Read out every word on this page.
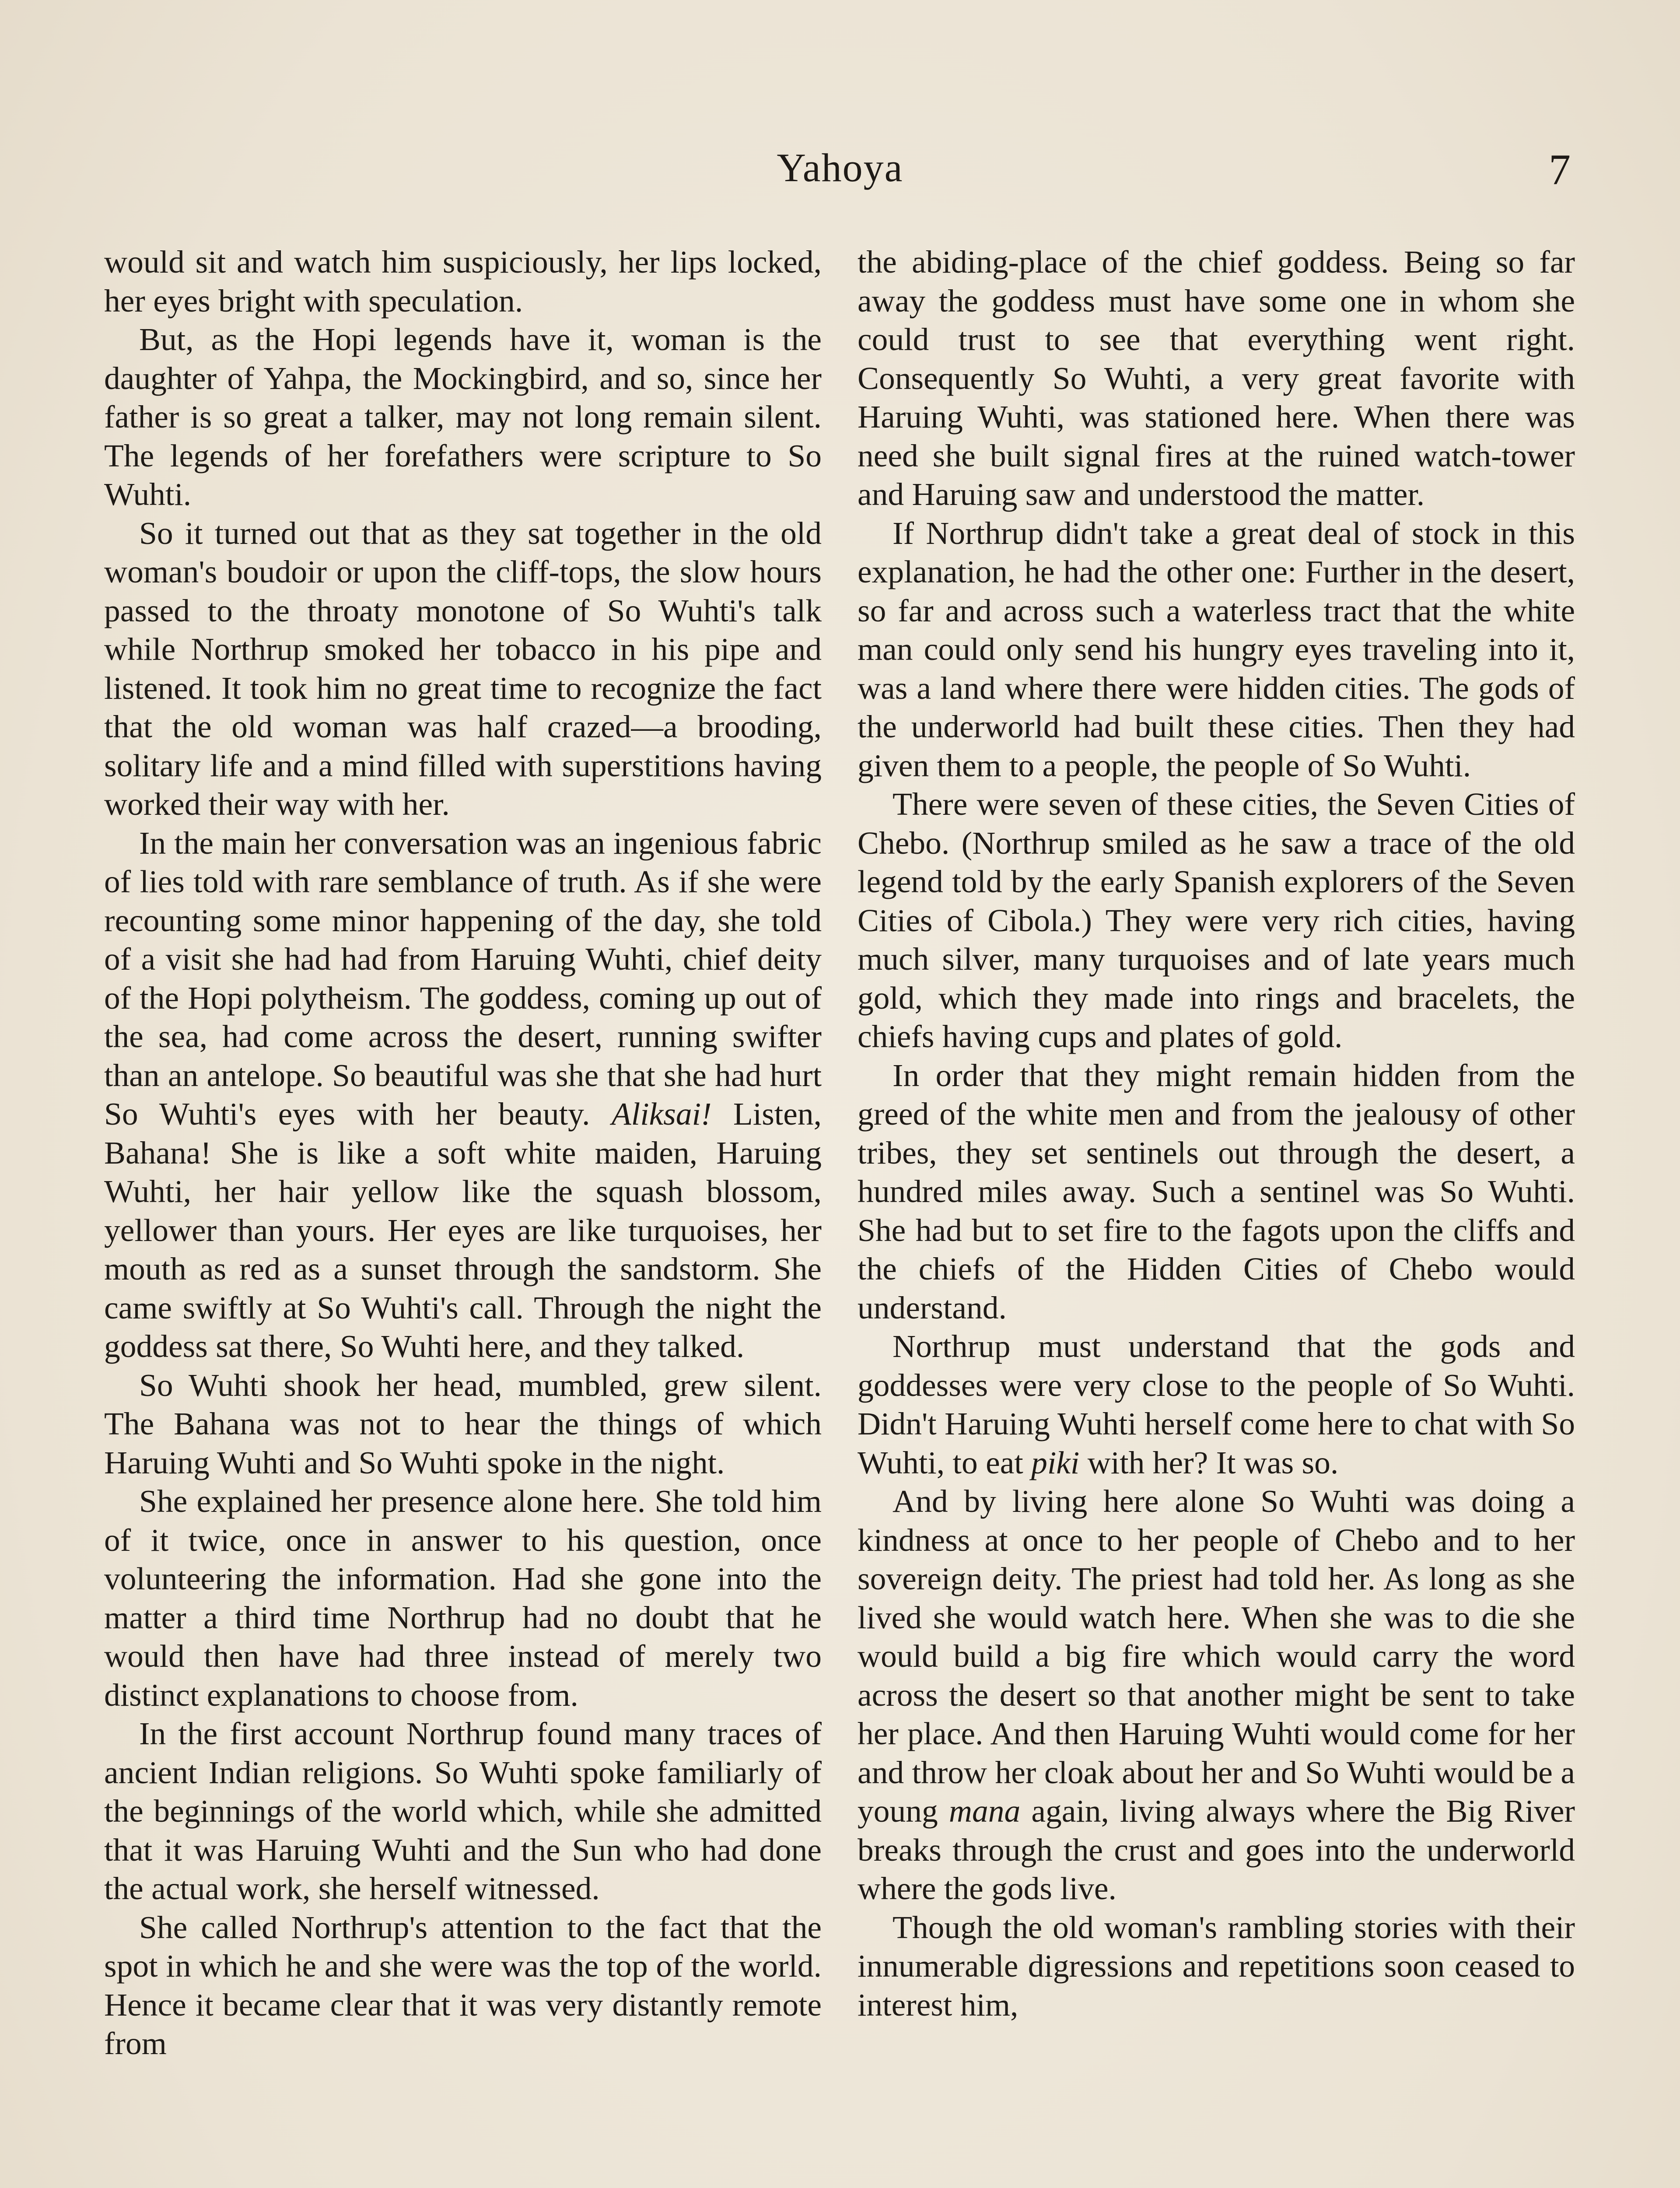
Yahoya	7

would sit and watch him suspiciously, her lips locked, her eyes bright with speculation.

But, as the Hopi legends have it, woman is the daughter of Yahpa, the Mockingbird, and so, since her father is so great a talker, may not long remain silent. The legends of her forefathers were scripture to So Wuhti.

So it turned out that as they sat together in the old woman's boudoir or upon the cliff-tops, the slow hours passed to the throaty monotone of So Wuhti's talk while Northrup smoked her tobacco in his pipe and listened. It took him no great time to recognize the fact that the old woman was half crazed—a brooding, solitary life and a mind filled with superstitions having worked their way with her.

In the main her conversation was an ingenious fabric of lies told with rare semblance of truth. As if she were recounting some minor happening of the day, she told of a visit she had had from Haruing Wuhti, chief deity of the Hopi polytheism. The goddess, coming up out of the sea, had come across the desert, running swifter than an antelope. So beautiful was she that she had hurt So Wuhti's eyes with her beauty. Aliksai! Listen, Bahana! She is like a soft white maiden, Haruing Wuhti, her hair yellow like the squash blossom, yellower than yours. Her eyes are like turquoises, her mouth as red as a sunset through the sandstorm. She came swiftly at So Wuhti's call. Through the night the goddess sat there, So Wuhti here, and they talked.

So Wuhti shook her head, mumbled, grew silent. The Bahana was not to hear the things of which Haruing Wuhti and So Wuhti spoke in the night.

She explained her presence alone here. She told him of it twice, once in answer to his question, once volunteering the information. Had she gone into the matter a third time Northrup had no doubt that he would then have had three instead of merely two distinct explanations to choose from.

In the first account Northrup found many traces of ancient Indian religions. So Wuhti spoke familiarly of the beginnings of the world which, while she admitted that it was Haruing Wuhti and the Sun who had done the actual work, she herself witnessed.

She called Northrup's attention to the fact that the spot in which he and she were was the top of the world. Hence it became clear that it was very distantly remote from

the abiding-place of the chief goddess. Being so far away the goddess must have some one in whom she could trust to see that everything went right. Consequently So Wuhti, a very great favorite with Haruing Wuhti, was stationed here. When there was need she built signal fires at the ruined watch-tower and Haruing saw and understood the matter.

If Northrup didn't take a great deal of stock in this explanation, he had the other one: Further in the desert, so far and across such a waterless tract that the white man could only send his hungry eyes traveling into it, was a land where there were hidden cities. The gods of the underworld had built these cities. Then they had given them to a people, the people of So Wuhti.

There were seven of these cities, the Seven Cities of Chebo. (Northrup smiled as he saw a trace of the old legend told by the early Spanish explorers of the Seven Cities of Cibola.) They were very rich cities, having much silver, many turquoises and of late years much gold, which they made into rings and bracelets, the chiefs having cups and plates of gold.

In order that they might remain hidden from the greed of the white men and from the jealousy of other tribes, they set sentinels out through the desert, a hundred miles away. Such a sentinel was So Wuhti. She had but to set fire to the fagots upon the cliffs and the chiefs of the Hidden Cities of Chebo would understand.

Northrup must understand that the gods and goddesses were very close to the people of So Wuhti. Didn't Haruing Wuhti herself come here to chat with So Wuhti, to eat piki with her? It was so.

And by living here alone So Wuhti was doing a kindness at once to her people of Chebo and to her sovereign deity. The priest had told her. As long as she lived she would watch here. When she was to die she would build a big fire which would carry the word across the desert so that another might be sent to take her place. And then Haruing Wuhti would come for her and throw her cloak about her and So Wuhti would be a young mana again, living always where the Big River breaks through the crust and goes into the underworld where the gods live.

Though the old woman's rambling stories with their innumerable digressions and repetitions soon ceased to interest him,
